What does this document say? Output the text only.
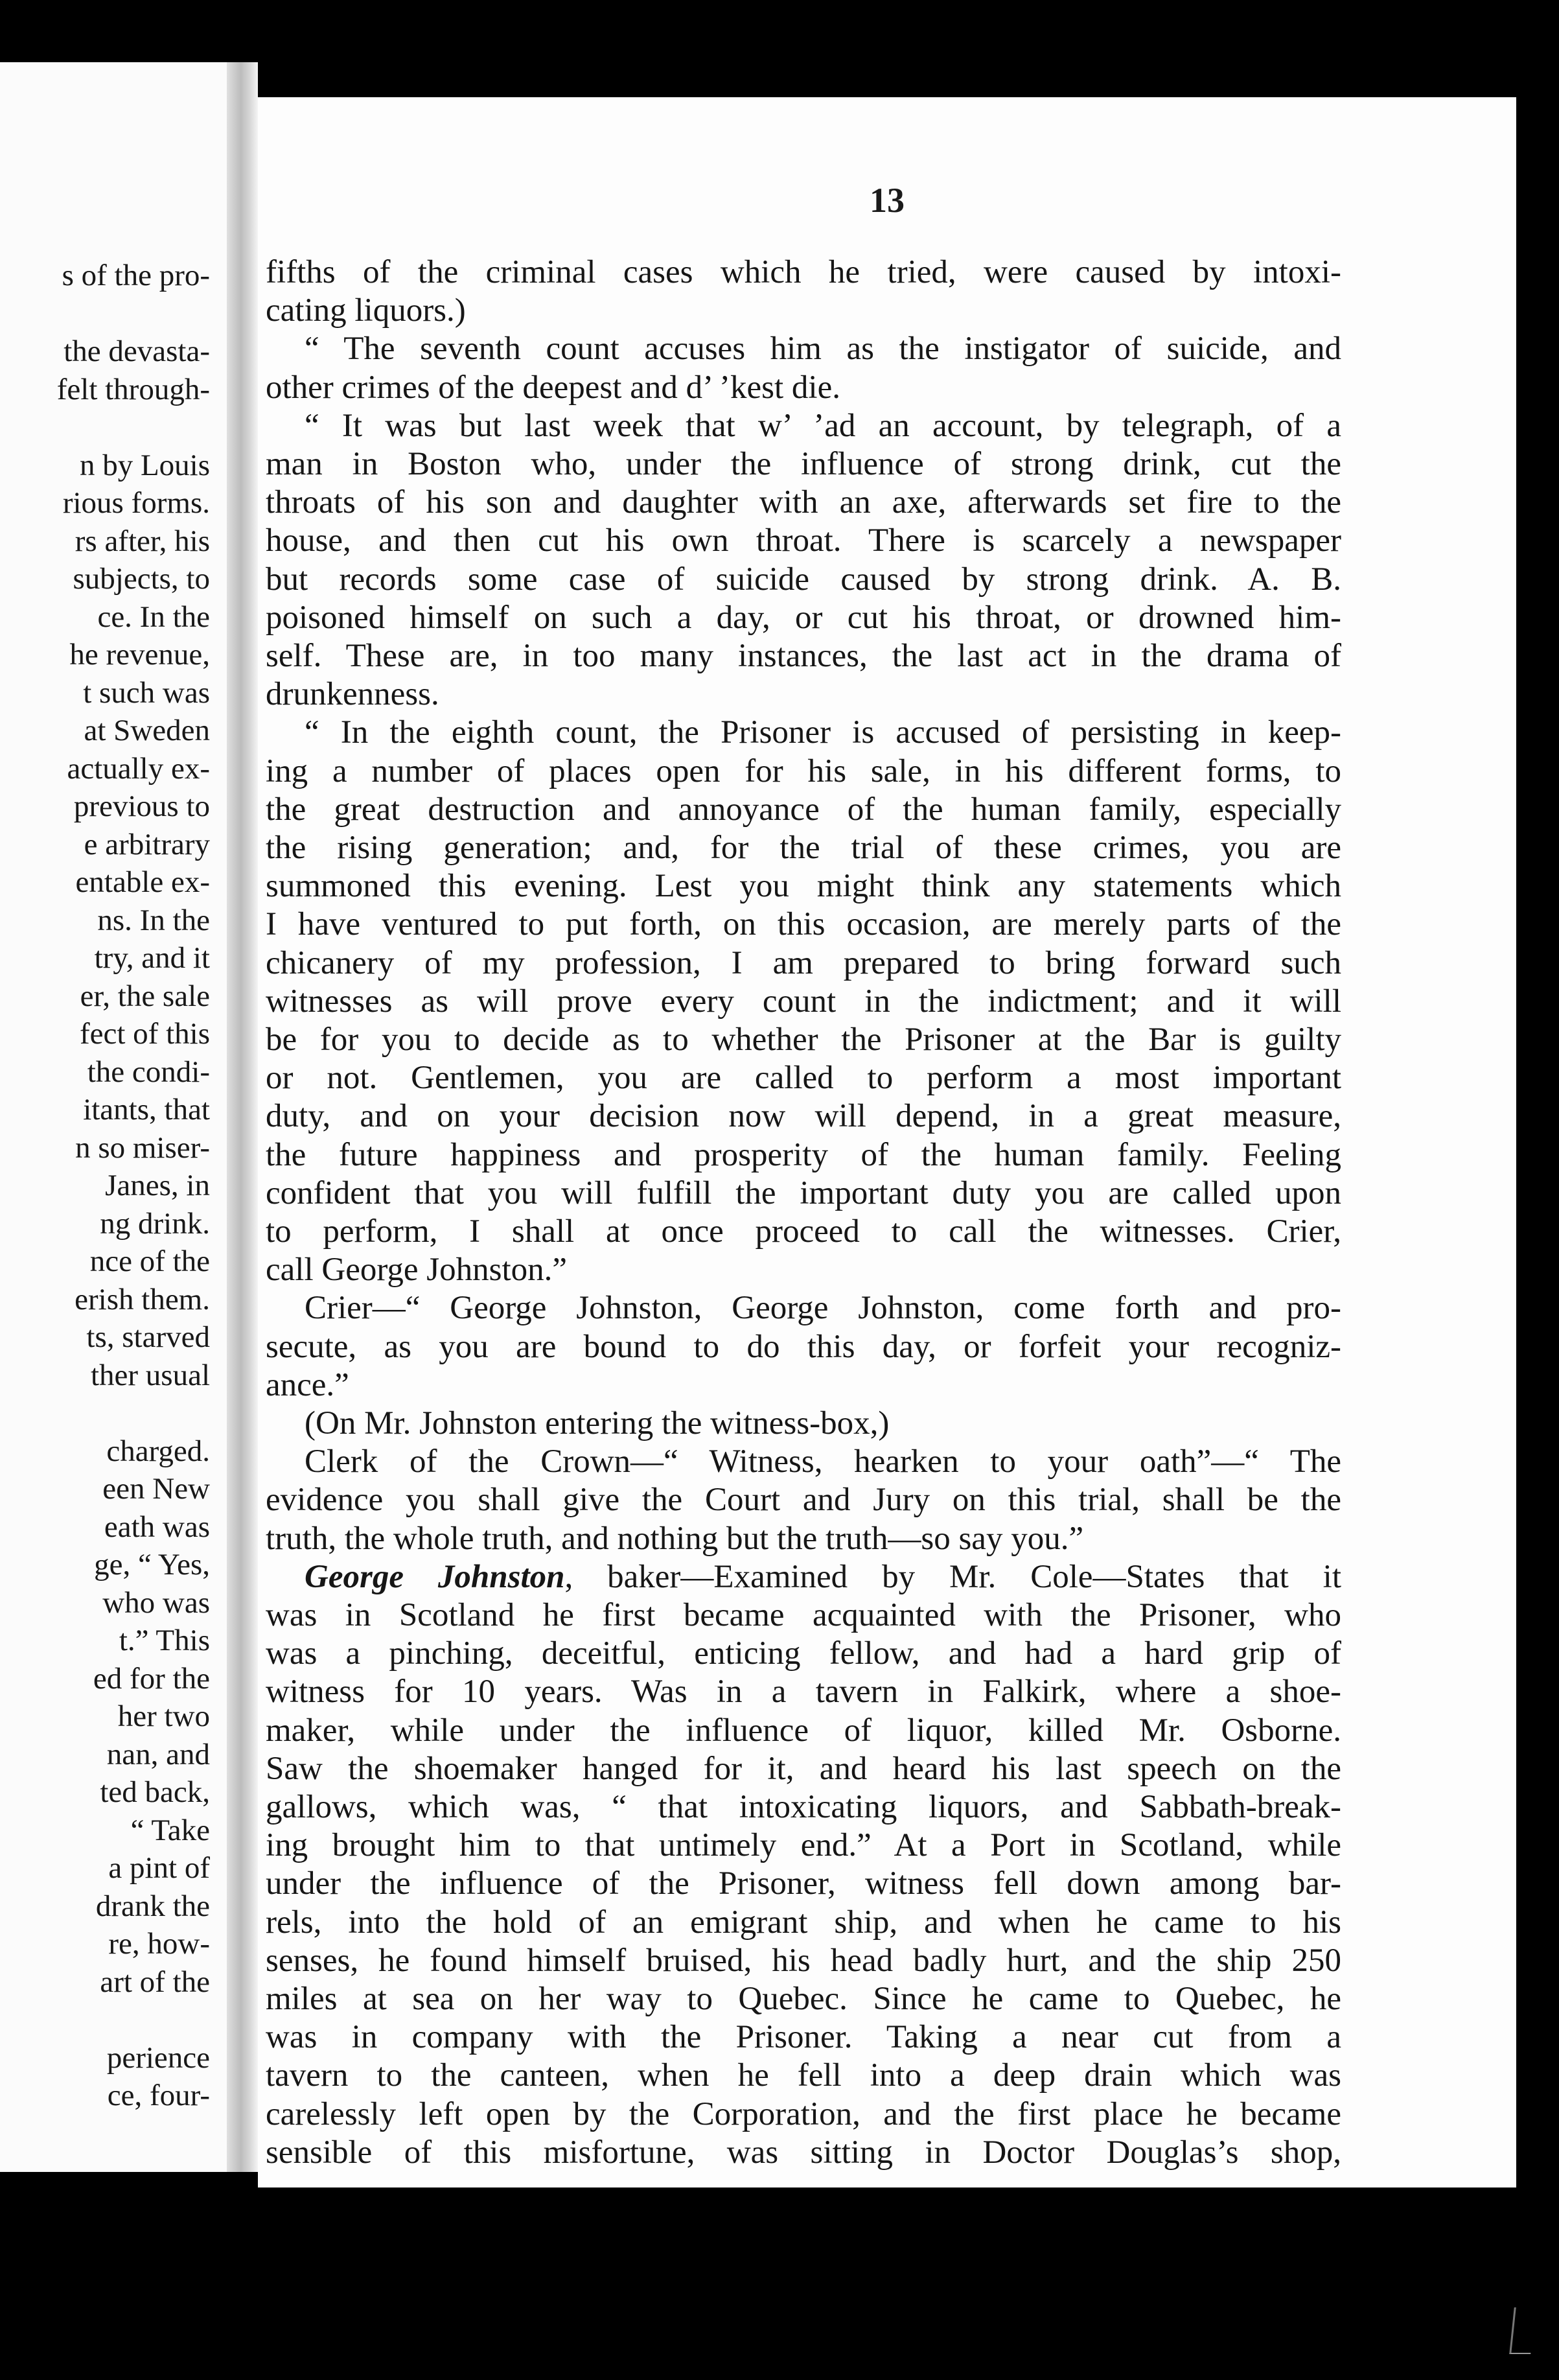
s of the pro-
the devasta-
felt through-
n by Louis
rious forms.
rs after, his
subjects, to
ce. In the
he revenue,
t such was
at Sweden
actually ex-
previous to
e arbitrary
entable ex-
ns. In the
try, and it
er, the sale
fect of this
the condi-
itants, that
n so miser-
Janes, in
ng drink.
nce of the
erish them.
ts, starved
ther usual
charged.
een New
eath was
ge, “ Yes,
who was
t.” This
ed for the
her two
nan, and
ted back,
“ Take
a pint of
drank the
re, how-
art of the
perience
ce, four-
13
fifths of the criminal cases which he tried, were caused by intoxi-
cating liquors.)
“ The seventh count accuses him as the instigator of suicide, and
other crimes of the deepest and d’ ’kest die.
“ It was but last week that w’ ’ad an account, by telegraph, of a
man in Boston who, under the influence of strong drink, cut the
throats of his son and daughter with an axe, afterwards set fire to the
house, and then cut his own throat. There is scarcely a newspaper
but records some case of suicide caused by strong drink. A. B.
poisoned himself on such a day, or cut his throat, or drowned him-
self. These are, in too many instances, the last act in the drama of
drunkenness.
“ In the eighth count, the Prisoner is accused of persisting in keep-
ing a number of places open for his sale, in his different forms, to
the great destruction and annoyance of the human family, especially
the rising generation; and, for the trial of these crimes, you are
summoned this evening. Lest you might think any statements which
I have ventured to put forth, on this occasion, are merely parts of the
chicanery of my profession, I am prepared to bring forward such
witnesses as will prove every count in the indictment; and it will
be for you to decide as to whether the Prisoner at the Bar is guilty
or not. Gentlemen, you are called to perform a most important
duty, and on your decision now will depend, in a great measure,
the future happiness and prosperity of the human family. Feeling
confident that you will fulfill the important duty you are called upon
to perform, I shall at once proceed to call the witnesses. Crier,
call George Johnston.”
Crier—“ George Johnston, George Johnston, come forth and pro-
secute, as you are bound to do this day, or forfeit your recogniz-
ance.”
(On Mr. Johnston entering the witness-box,)
Clerk of the Crown—“ Witness, hearken to your oath”—“ The
evidence you shall give the Court and Jury on this trial, shall be the
truth, the whole truth, and nothing but the truth—so say you.”
George Johnston, baker—Examined by Mr. Cole—States that it
was in Scotland he first became acquainted with the Prisoner, who
was a pinching, deceitful, enticing fellow, and had a hard grip of
witness for 10 years. Was in a tavern in Falkirk, where a shoe-
maker, while under the influence of liquor, killed Mr. Osborne.
Saw the shoemaker hanged for it, and heard his last speech on the
gallows, which was, “ that intoxicating liquors, and Sabbath-break-
ing brought him to that untimely end.” At a Port in Scotland, while
under the influence of the Prisoner, witness fell down among bar-
rels, into the hold of an emigrant ship, and when he came to his
senses, he found himself bruised, his head badly hurt, and the ship 250
miles at sea on her way to Quebec. Since he came to Quebec, he
was in company with the Prisoner. Taking a near cut from a
tavern to the canteen, when he fell into a deep drain which was
carelessly left open by the Corporation, and the first place he became
sensible of this misfortune, was sitting in Doctor Douglas’s shop,
